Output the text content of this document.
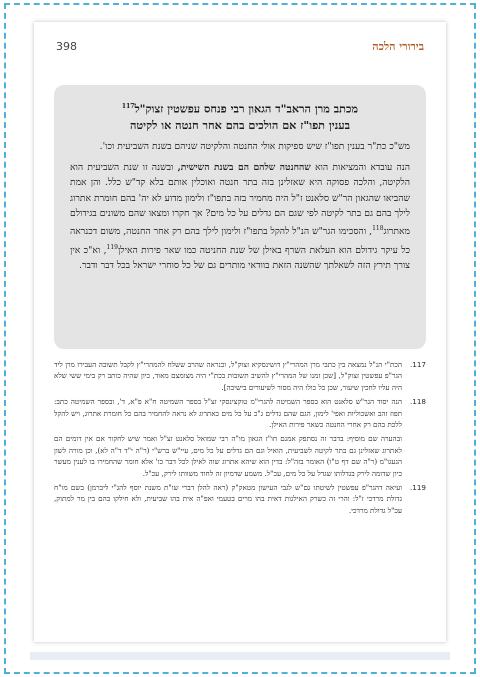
בירורי הלכה
398
מכתב מרן הראב"ד הגאון רבי פנחס עפשטין זצוק"ל$^{117}$
בענין תפו"ז אם הולכים בהם אחר חנטה או לקיטה

מש"כ כת"ר בענין תפו"ז שיש ספיקות אולי החנטה והלקיטה שניהם בשנת השביעית וכו'.

הנה עובדא והמציאות הוא שהחנטה שלהם הם בשנת השישית, ובשנה זו שנת השביעית הוא הלקיטה, והלכה פסוקה היא שאזלינן בזה בתר חנטה ואוכלין אותם בלא קד"ש כלל. והן אמת שהביאו שהגאון הר"ש סלאנט ז"ל היה מחמיר בזה בתפו"ז ולימון מדוע לא יה' בהם חומרת אתרוג לילך בהם גם בתר לקיטה לפי שגם הם גדלים על כל מים? אך חקרו ומצאו שהם משונים בגידולם מאתרוג$^{118}$, והסכימו הגר"ש הנ"ל להקל בתפו"ז ולימון לילך בהם רק אחר החנטה, משום דכנראה כל עיקר גידולם הוא העלאת השרף באילן של שנת החניטה כמו שאר פירות האילן$^{119}$, וא"כ אין צורך תירץ הזה לשאלתך שהשנה הזאת בוודאי מותרים גם של כל סוחרי ישראל בכל דבר ודבר.

117.
הכת"י הנ"ל נמצאה בין כתבי מרן המהרי"ץ דושינסקיא זצוק"ל, וכנראה שהרב ששלח להמהרי"ץ לקבל תשובה העבירו מרן ליד הגר"פ עפשטין זצוק"ל, [שכן זמנו של המהרי"ץ להשיב תשובות בכת"י היה מצומצם מאוד, כיון שהיה כותב רק בימי ששי שלא היה עליו לחכין שיעור, שכן כל כולו היה מסור לשיעורים בישיבה].
118.
הנה יסוד הגר"ש סלאנט הוא בספר השמיטה להגרי"מ טוקצינסקי זצ"ל בספר השמיטה ח"א פ"א, ד', ובספר השמיטה כתב: תפוז זהב ואשכוליות ואפי' לימון, הגם שהם גדלים ג"כ על כל מים כאתרוג לא נראה להחמיר בהם כל חומרת אתרוג, ויש להקל ללכת בהם רק אחרי החנטה כשאר פירות האילן.
ובהערה שם מוסיף: בדבר זה נסתפק אמנם חו"ז הגאון מו"ה רבי שמואל סלאנט זצ"ל ואמר שיש לחקור אם אין דומים הם לאתרוג שאזלינן גם בתר לקיטה לשביעית, הואיל וגם הם גדלים על כל מים, עיי"ש ברש"י (ר"ה י"ד ד"ה לא), וכן מורה לשון הגעגו"מ (ר"ה שם דף ט"ו) האומר בזה"ל: בדין הוא שיהא אתרוג שוה לאילן לכל דבר כו' אלא חומר שהחמירו בו לענין מעשר כיון שדומה לירק בגדלותו שגדל על כל מים, עכ"ל. משמע שדמיון זה לחוד משוותו לירק, עכ"ל.
119.
ועיאה דהגר"פ עפשטין לשיטתו גם"ש לגבי העישון מטאק"ק (ראה להלן דברי שו"ת משנת יוסף להג"י ליברמן) בשם מו"ח גדולת מרדכי ז"ל: והרי זה כשרק האילנות דאית בהו מרים בטעמי ואפ"ה אית בהו שביעית, ולא חילקו בהם בין מר למתוק, עכ"ל גדולת מרדכי.
